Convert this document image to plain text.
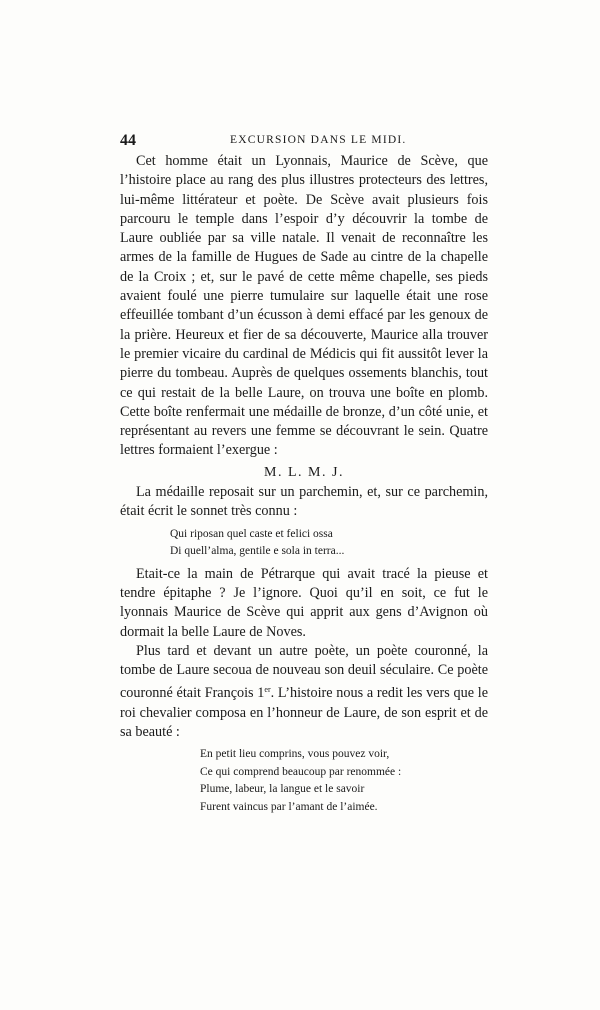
44	EXCURSION DANS LE MIDI.

Cet homme était un Lyonnais, Maurice de Scève, que l’histoire place au rang des plus illustres protecteurs des lettres, lui-même littérateur et poète. De Scève avait plusieurs fois parcouru le temple dans l’espoir d’y découvrir la tombe de Laure oubliée par sa ville natale. Il venait de reconnaître les armes de la famille de Hugues de Sade au cintre de la chapelle de la Croix ; et, sur le pavé de cette même chapelle, ses pieds avaient foulé une pierre tumulaire sur laquelle était une rose effeuillée tombant d’un écusson à demi effacé par les genoux de la prière. Heureux et fier de sa découverte, Maurice alla trouver le premier vicaire du cardinal de Médicis qui fit aussitôt lever la pierre du tombeau. Auprès de quelques ossements blanchis, tout ce qui restait de la belle Laure, on trouva une boîte en plomb. Cette boîte renfermait une médaille de bronze, d’un côté unie, et représentant au revers une femme se découvrant le sein. Quatre lettres formaient l’exergue :

M. L. M. J.

La médaille reposait sur un parchemin, et, sur ce parchemin, était écrit le sonnet très connu :

Qui riposan quel caste et felici ossa
Di quell’alma, gentile e sola in terra...

Etait-ce la main de Pétrarque qui avait tracé la pieuse et tendre épitaphe ? Je l’ignore. Quoi qu’il en soit, ce fut le lyonnais Maurice de Scève qui apprit aux gens d’Avignon où dormait la belle Laure de Noves.

Plus tard et devant un autre poète, un poète couronné, la tombe de Laure secoua de nouveau son deuil séculaire. Ce poète couronné était François 1er. L’histoire nous a redit les vers que le roi chevalier composa en l’honneur de Laure, de son esprit et de sa beauté :

En petit lieu comprins, vous pouvez voir,
Ce qui comprend beaucoup par renommée :
Plume, labeur, la langue et le savoir
Furent vaincus par l’amant de l’aimée.
